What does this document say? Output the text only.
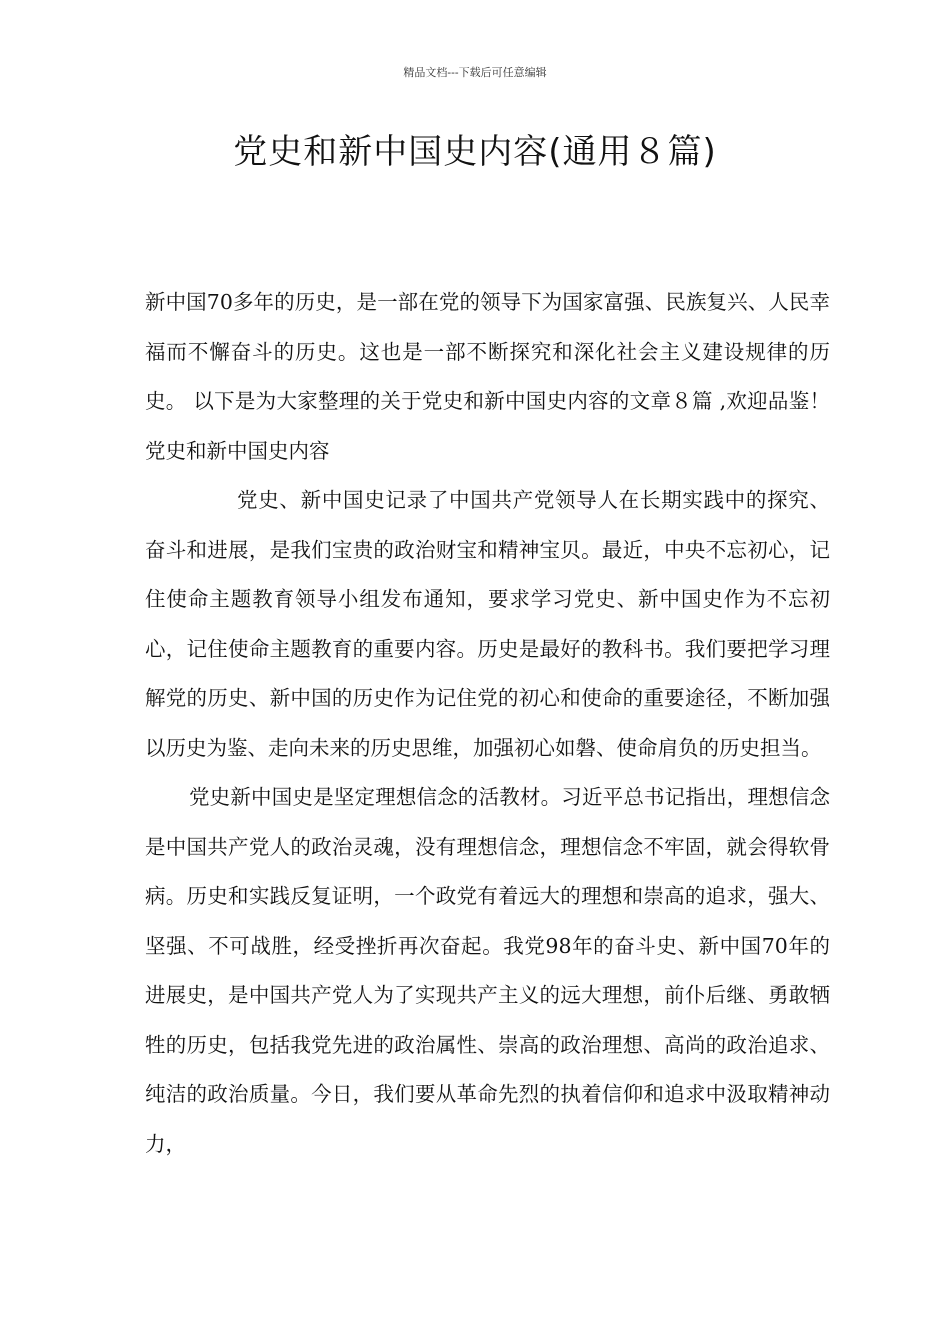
精品文档---下载后可任意编辑
党史和新中国史内容(通用８篇)

新中国70多年的历史，是一部在党的领导下为国家富强、民族复兴、人民幸福而不懈奋斗的历史。这也是一部不断探究和深化社会主义建设规律的历史。 以下是为大家整理的关于党史和新中国史内容的文章８篇 ,欢迎品鉴！党史和新中国史内容

党史、新中国史记录了中国共产党领导人在长期实践中的探究、奋斗和进展，是我们宝贵的政治财宝和精神宝贝。最近，中央不忘初心，记住使命主题教育领导小组发布通知，要求学习党史、新中国史作为不忘初心，记住使命主题教育的重要内容。历史是最好的教科书。我们要把学习理解党的历史、新中国的历史作为记住党的初心和使命的重要途径，不断加强以历史为鉴、走向未来的历史思维，加强初心如磐、使命肩负的历史担当。

党史新中国史是坚定理想信念的活教材。习近平总书记指出，理想信念是中国共产党人的政治灵魂，没有理想信念，理想信念不牢固，就会得软骨病。历史和实践反复证明，一个政党有着远大的理想和崇高的追求，强大、坚强、不可战胜，经受挫折再次奋起。我党98年的奋斗史、新中国70年的进展史，是中国共产党人为了实现共产主义的远大理想，前仆后继、勇敢牺牲的历史，包括我党先进的政治属性、崇高的政治理想、高尚的政治追求、纯洁的政治质量。今日，我们要从革命先烈的执着信仰和追求中汲取精神动力，
